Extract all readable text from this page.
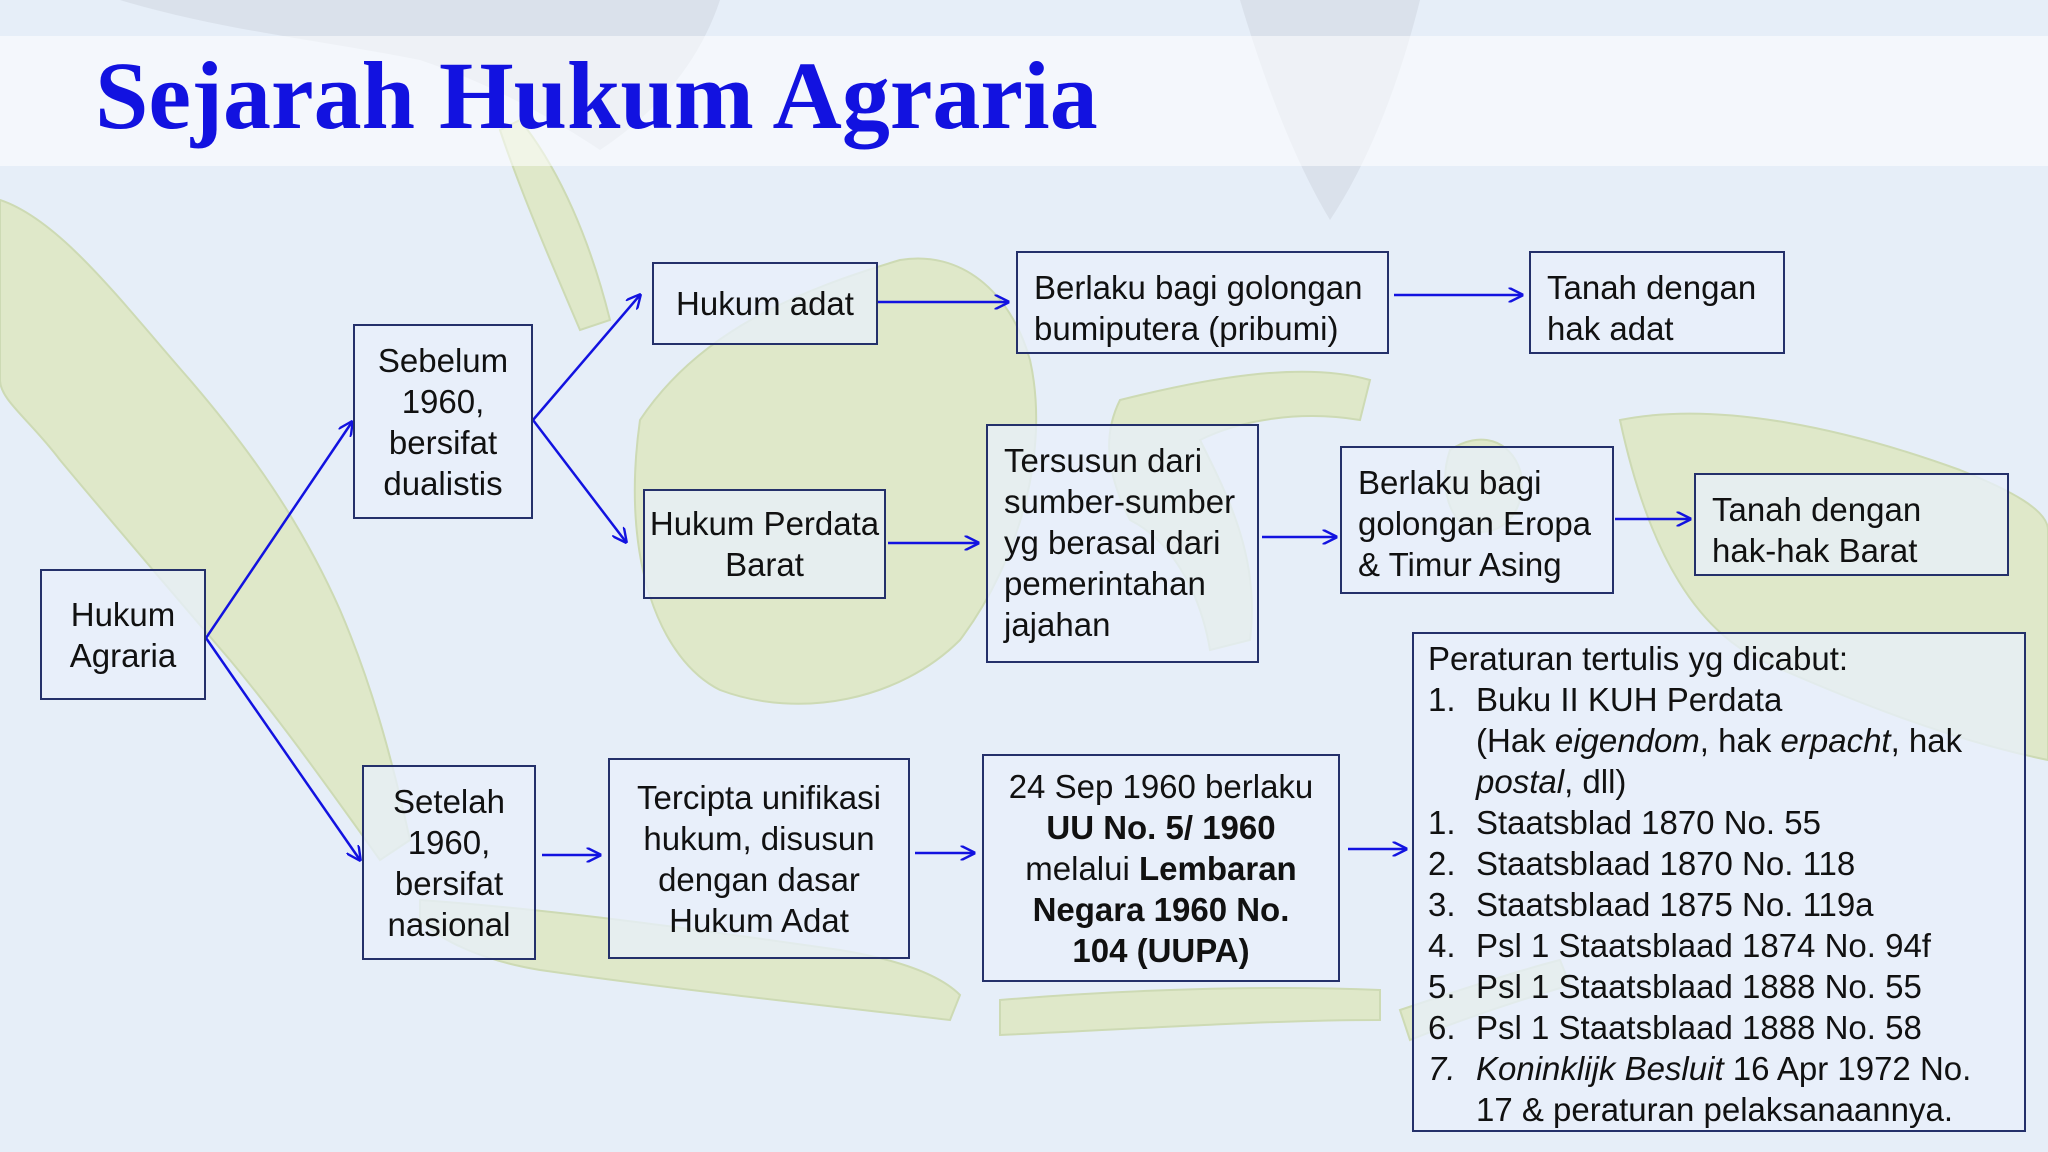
Sejarah Hukum Agraria
Hukum Agraria
Sebelum 1960, bersifat dualistis
Setelah 1960, bersifat nasional
Hukum adat
Hukum Perdata Barat
Berlaku bagi golongan bumiputera (pribumi)
Tanah dengan hak adat
Tersusun dari sumber-sumber yg berasal dari pemerintahan jajahan
Berlaku bagi golongan Eropa & Timur Asing
Tanah dengan hak-hak Barat
Tercipta unifikasi hukum, disusun dengan dasar Hukum Adat
24 Sep 1960 berlaku
UU No. 5/ 1960
melalui Lembaran
Negara 1960 No.
104 (UUPA)
Peraturan tertulis yg dicabut:
1. Buku II KUH Perdata
(Hak eigendom, hak erpacht, hak postal, dll)
1. Staatsblad 1870 No. 55
2. Staatsblaad 1870 No. 118
3. Staatsblaad 1875 No. 119a
4. Psl 1 Staatsblaad 1874 No. 94f
5. Psl 1 Staatsblaad 1888 No. 55
6. Psl 1 Staatsblaad 1888 No. 58
7. Koninklijk Besluit 16 Apr 1972 No. 17 & peraturan pelaksanaannya.
